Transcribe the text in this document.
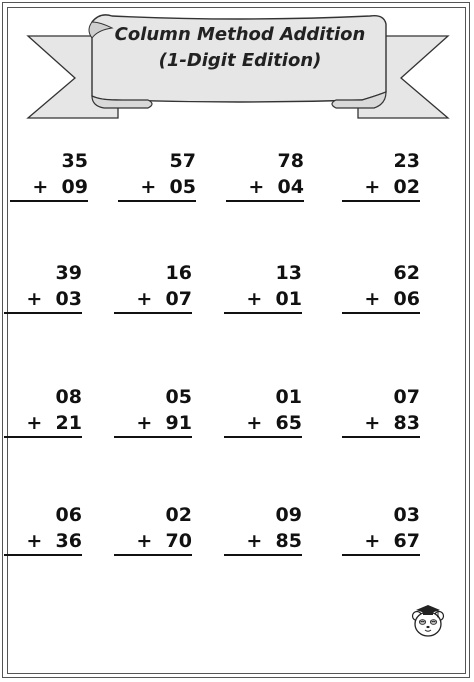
Column Method Addition
(1-Digit Edition)
35
+ 09
57
+ 05
78
+ 04
23
+ 02
39
+ 03
16
+ 07
13
+ 01
62
+ 06
08
+ 21
05
+ 91
01
+ 65
07
+ 83
06
+ 36
02
+ 70
09
+ 85
03
+ 67
